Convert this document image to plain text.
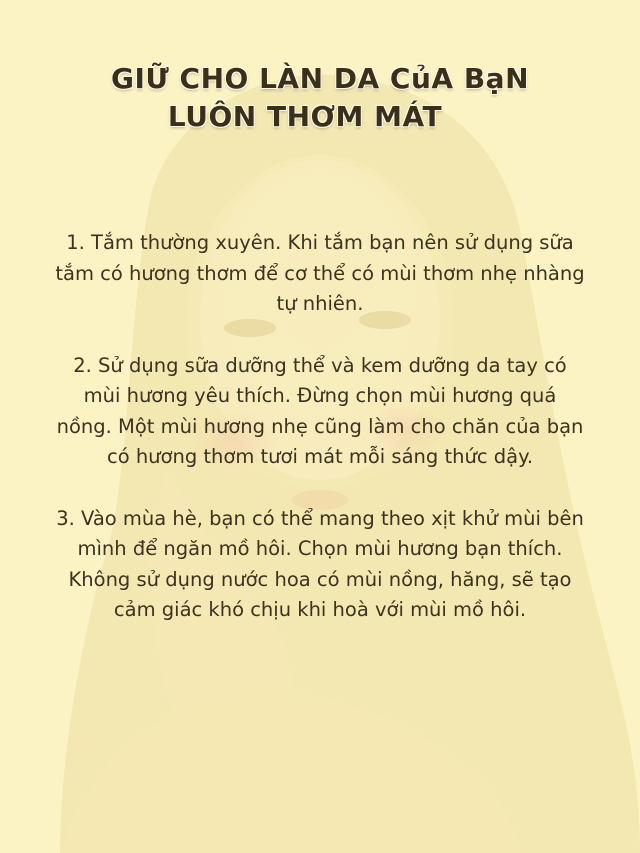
GIỮ CHO LÀN DA CủA BạN
LUÔN THƠM MÁT

1. Tắm thường xuyên. Khi tắm bạn nên sử dụng sữa tắm có hương thơm để cơ thể có mùi thơm nhẹ nhàng tự nhiên.

2. Sử dụng sữa dưỡng thể và kem dưỡng da tay có mùi hương yêu thích. Đừng chọn mùi hương quá nồng. Một mùi hương nhẹ cũng làm cho chăn của bạn có hương thơm tươi mát mỗi sáng thức dậy.

3. Vào mùa hè, bạn có thể mang theo xịt khử mùi bên mình để ngăn mồ hôi. Chọn mùi hương bạn thích. Không sử dụng nước hoa có mùi nồng, hăng, sẽ tạo cảm giác khó chịu khi hoà với mùi mồ hôi.
